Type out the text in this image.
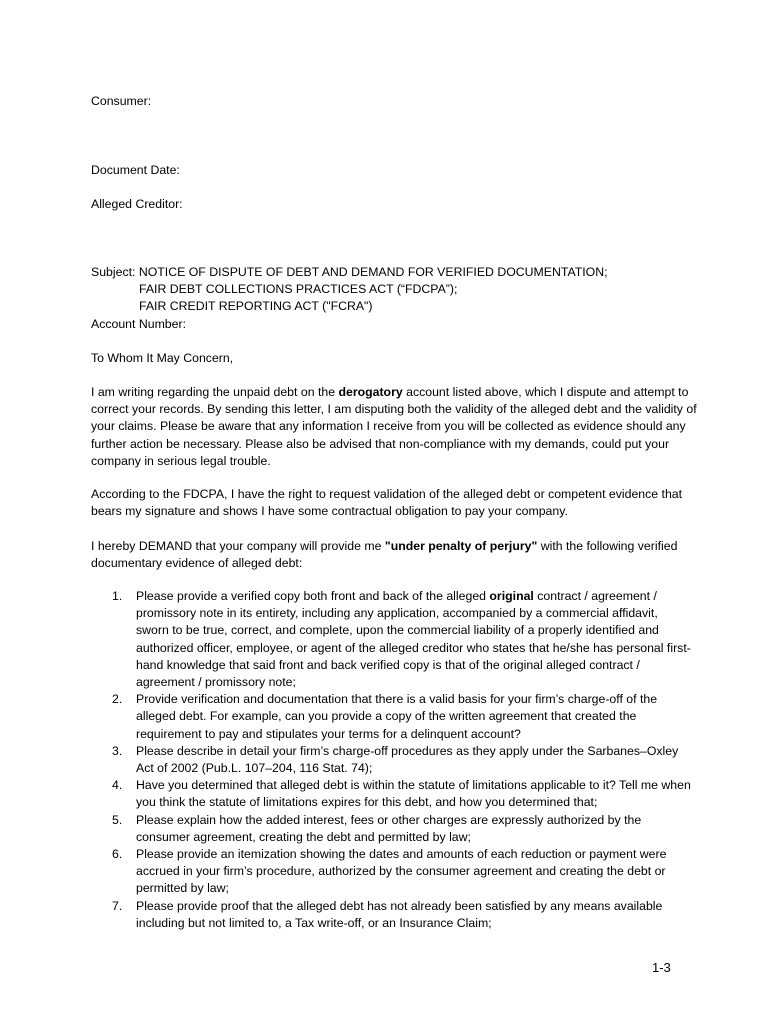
Consumer:
Document Date:
Alleged Creditor:
Subject: NOTICE OF DISPUTE OF DEBT AND DEMAND FOR VERIFIED DOCUMENTATION;
FAIR DEBT COLLECTIONS PRACTICES ACT (“FDCPA”);
FAIR CREDIT REPORTING ACT ("FCRA")
Account Number:
To Whom It May Concern,

I am writing regarding the unpaid debt on the derogatory account listed above, which I dispute and attempt to correct your records. By sending this letter, I am disputing both the validity of the alleged debt and the validity of your claims. Please be aware that any information I receive from you will be collected as evidence should any further action be necessary. Please also be advised that non-compliance with my demands, could put your company in serious legal trouble.

According to the FDCPA, I have the right to request validation of the alleged debt or competent evidence that bears my signature and shows I have some contractual obligation to pay your company.

I hereby DEMAND that your company will provide me "under penalty of perjury" with the following verified documentary evidence of alleged debt:

1. Please provide a verified copy both front and back of the alleged original contract / agreement / promissory note in its entirety, including any application, accompanied by a commercial affidavit, sworn to be true, correct, and complete, upon the commercial liability of a properly identified and authorized officer, employee, or agent of the alleged creditor who states that he/she has personal first-hand knowledge that said front and back verified copy is that of the original alleged contract / agreement / promissory note;
2. Provide verification and documentation that there is a valid basis for your firm’s charge-off of the alleged debt. For example, can you provide a copy of the written agreement that created the requirement to pay and stipulates your terms for a delinquent account?
3. Please describe in detail your firm’s charge-off procedures as they apply under the Sarbanes–Oxley Act of 2002 (Pub.L. 107–204, 116 Stat. 74);
4. Have you determined that alleged debt is within the statute of limitations applicable to it? Tell me when you think the statute of limitations expires for this debt, and how you determined that;
5. Please explain how the added interest, fees or other charges are expressly authorized by the consumer agreement, creating the debt and permitted by law;
6. Please provide an itemization showing the dates and amounts of each reduction or payment were accrued in your firm’s procedure, authorized by the consumer agreement and creating the debt or permitted by law;
7. Please provide proof that the alleged debt has not already been satisfied by any means available including but not limited to, a Tax write-off, or an Insurance Claim;
1-3
